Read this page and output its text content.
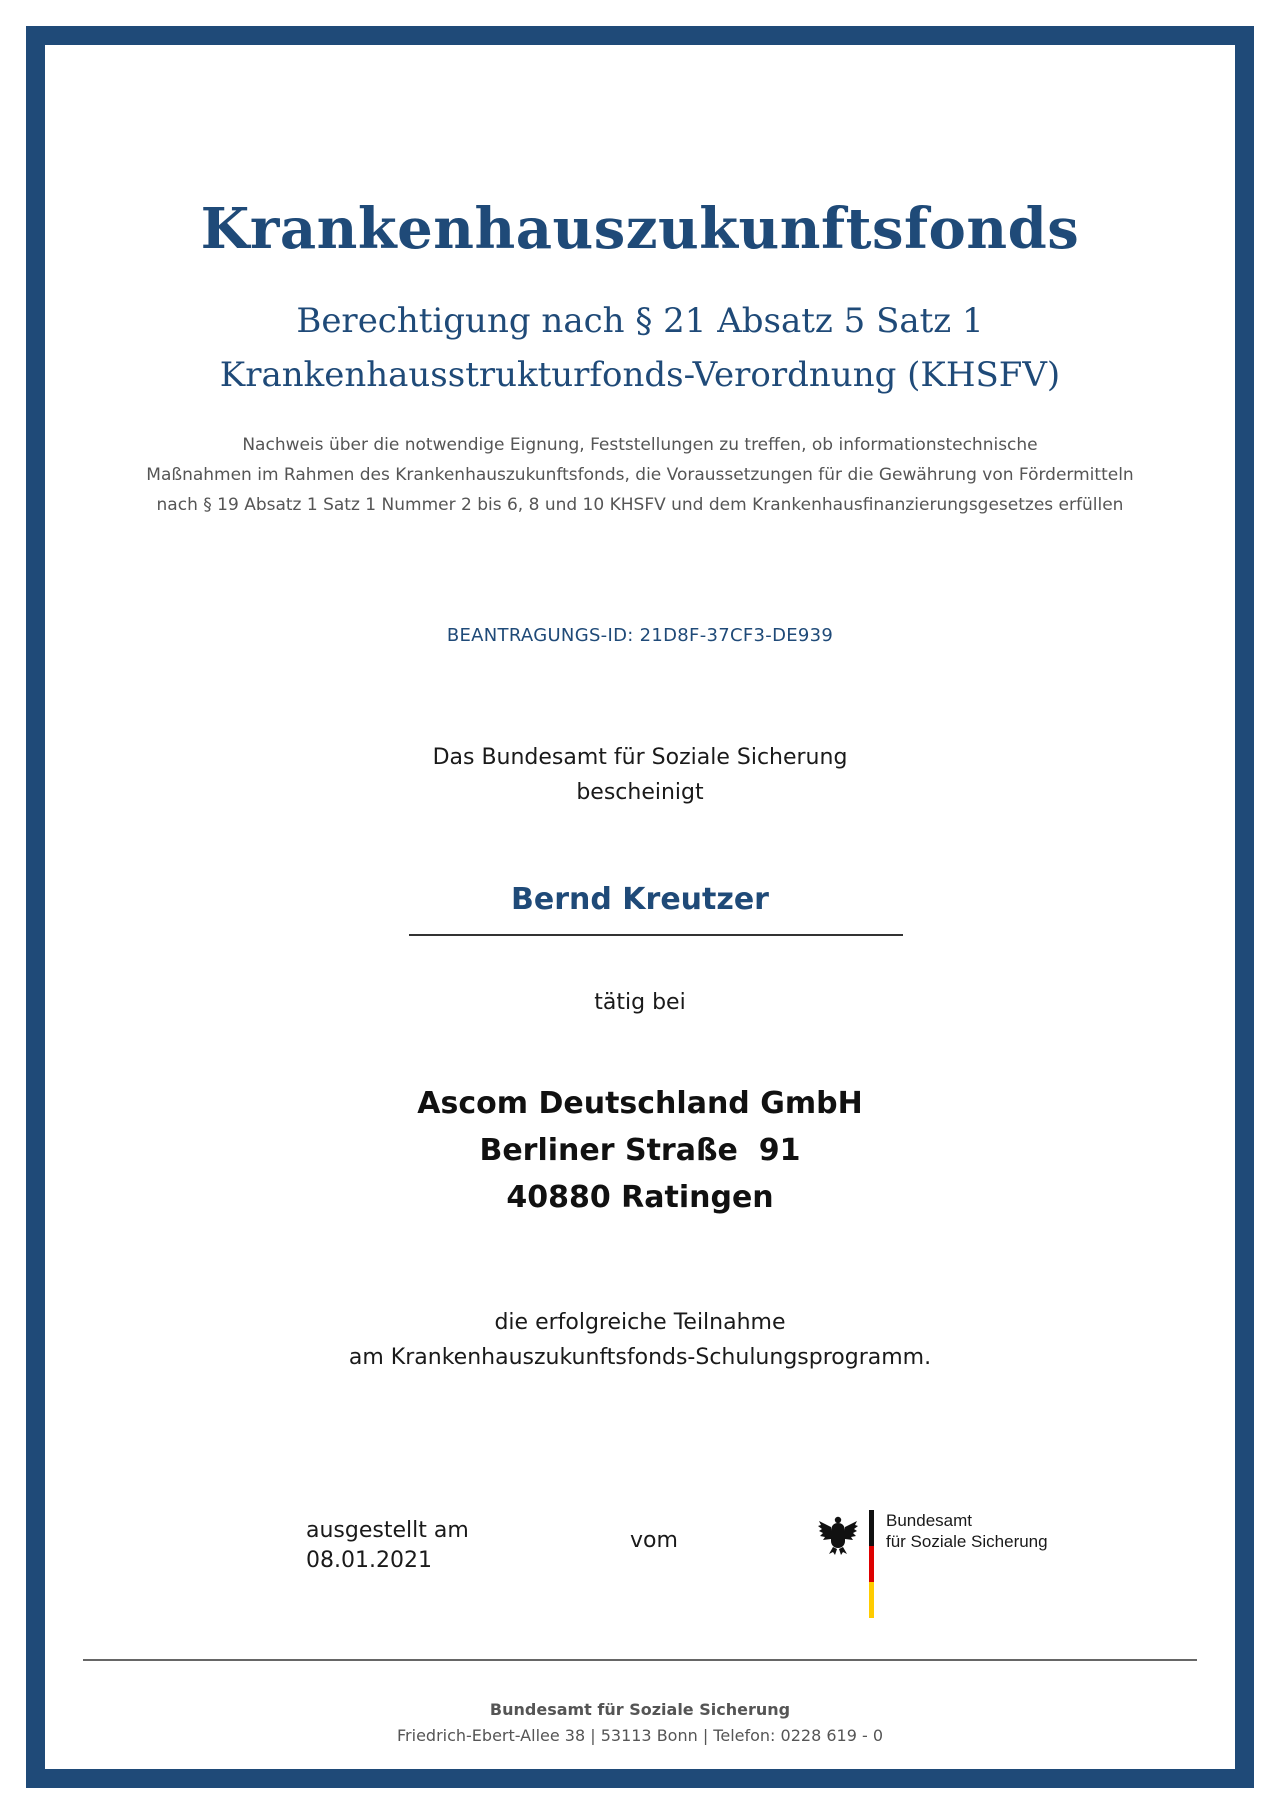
Krankenhauszukunftsfonds
Berechtigung nach § 21 Absatz 5 Satz 1
Krankenhausstrukturfonds-Verordnung (KHSFV)
Nachweis über die notwendige Eignung, Feststellungen zu treffen, ob informationstechnische
Maßnahmen im Rahmen des Krankenhauszukunftsfonds, die Voraussetzungen für die Gewährung von Fördermitteln
nach § 19 Absatz 1 Satz 1 Nummer 2 bis 6, 8 und 10 KHSFV und dem Krankenhausfinanzierungsgesetzes erfüllen
BEANTRAGUNGS-ID: 21D8F-37CF3-DE939
Das Bundesamt für Soziale Sicherung
bescheinigt
Bernd Kreutzer
tätig bei
Ascom Deutschland GmbH
Berliner Straße  91
40880 Ratingen
die erfolgreiche Teilnahme
am Krankenhauszukunftsfonds-Schulungsprogramm.
ausgestellt am
08.01.2021
vom
Bundesamt
für Soziale Sicherung
Bundesamt für Soziale Sicherung
Friedrich-Ebert-Allee 38 | 53113 Bonn | Telefon: 0228 619 - 0
